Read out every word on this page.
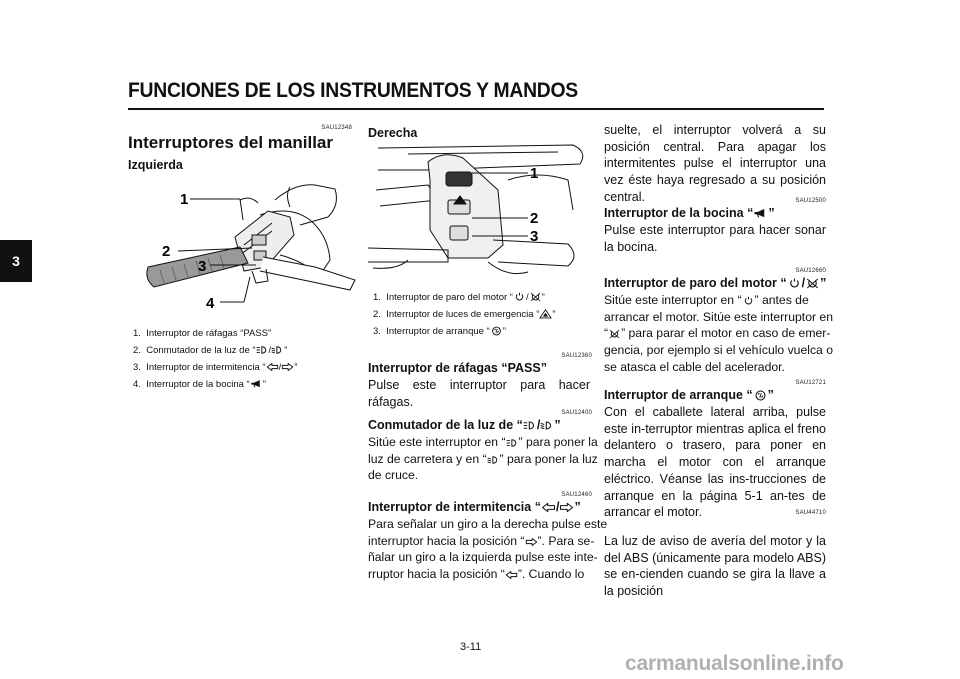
FUNCIONES DE LOS INSTRUMENTOS Y MANDOS
3
SAU12348
Interruptores del manillar
Izquierda
1
2
3
4
1. Interruptor de ráfagas “PASS”
2. Conmutador de la luz de “ / ”
3. Interruptor de intermitencia “ / ”
4. Interruptor de la bocina “ ”
Derecha
1
2
3
1. Interruptor de paro del motor “ / ”
2. Interruptor de luces de emergencia “ ”
3. Interruptor de arranque “ ”
SAU12360
Interruptor de ráfagas “PASS”
Pulse este interruptor para hacer ráfagas.
SAU12400
Conmutador de la luz de “ / ”
Sitúe este interruptor en “ ” para poner la
luz de carretera y en “ ” para poner la luz
de cruce.
SAU12460
Interruptor de intermitencia “ / ”
Para señalar un giro a la derecha pulse este
interruptor hacia la posición “ ”. Para se-
ñalar un giro a la izquierda pulse este inte-
rruptor hacia la posición “ ”. Cuando lo
suelte, el interruptor volverá a su posición central. Para apagar los intermitentes pulse el interruptor una vez éste haya regresado a su posición central.	SAU12500
Interruptor de la bocina “ ”
Pulse este interruptor para hacer sonar la bocina.
SAU12660
Interruptor de paro del motor “ / ”
Sitúe este interruptor en “ ” antes de
arrancar el motor. Sitúe este interruptor en
“ ” para parar el motor en caso de emer-
gencia, por ejemplo si el vehículo vuelca o
se atasca el cable del acelerador.
SAU12721
Interruptor de arranque “ ”
Con el caballete lateral arriba, pulse este in-terruptor mientras aplica el freno delantero o trasero, para poner en marcha el motor con el arranque eléctrico. Véanse las ins-trucciones de arranque en la página 5-1 an-tes de arrancar el motor.	SAU44710
La luz de aviso de avería del motor y la del ABS (únicamente para modelo ABS) se en-cienden cuando se gira la llave a la posición
3-11
carmanualsonline.info
